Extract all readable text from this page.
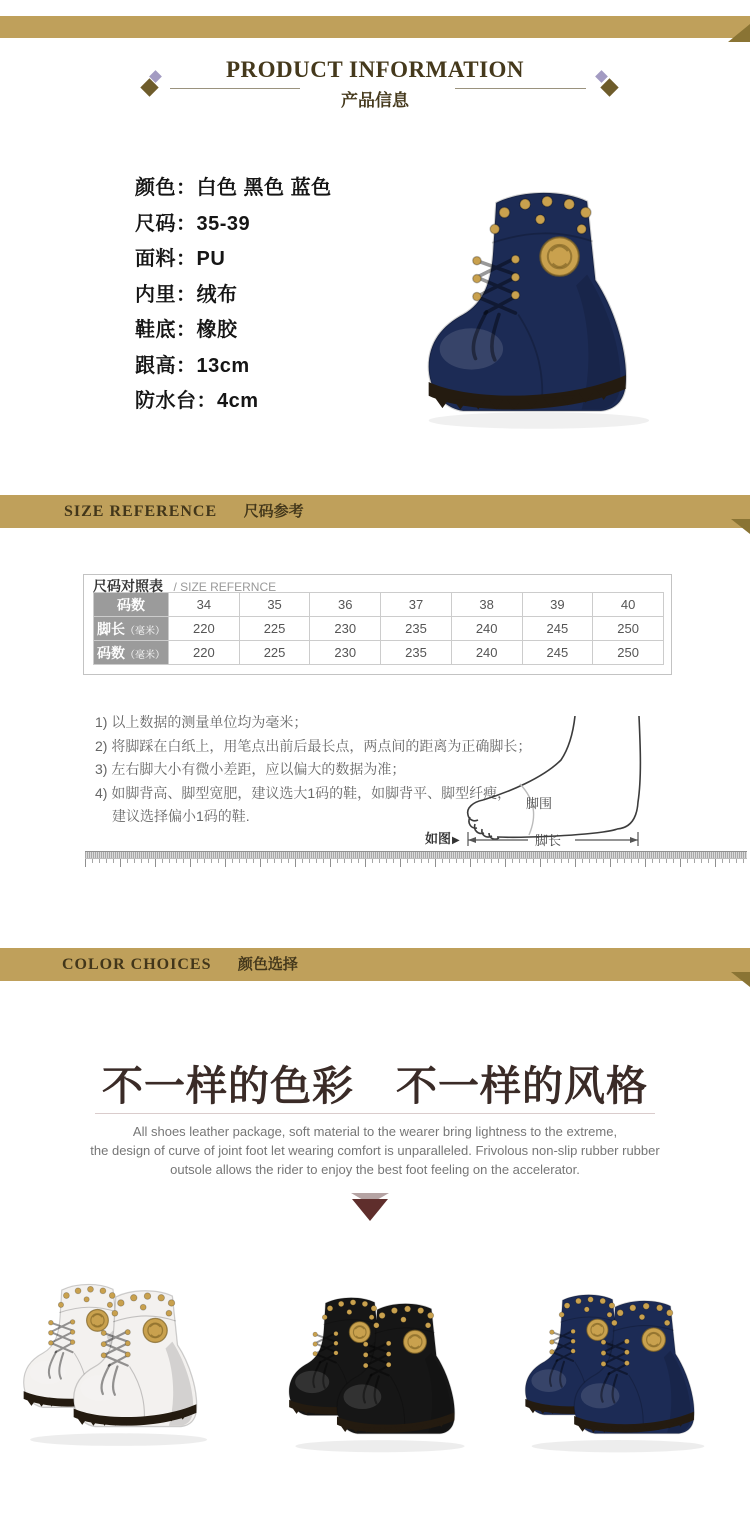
PRODUCT INFORMATION
产品信息
颜色：白色 黑色 蓝色
尺码：35-39
面料：PU
内里：绒布
鞋底：橡胶
跟高：13cm
防水台：4cm
SIZE REFERENCE 尺码参考
尺码对照表 / SIZE REFERNCE
码数	34	35	36	37	38	39	40
脚长（毫米）	220	225	230	235	240	245	250
码数（毫米）	220	225	230	235	240	245	250
1) 以上数据的测量单位均为毫米；
2) 将脚踩在白纸上，用笔点出前后最长点，两点间的距离为正确脚长；
3) 左右脚大小有微小差距，应以偏大的数据为准；
4) 如脚背高、脚型宽肥，建议选大1码的鞋，如脚背平、脚型纤瘦，
建议选择偏小1码的鞋.
脚围
脚长
如图 ▶
COLOR CHOICES 颜色选择
不一样的色彩　不一样的风格
All shoes leather package, soft material to the wearer bring lightness to the extreme,
the design of curve of joint foot let wearing comfort is unparalleled. Frivolous non-slip rubber rubber
outsole allows the rider to enjoy the best foot feeling on the accelerator.
